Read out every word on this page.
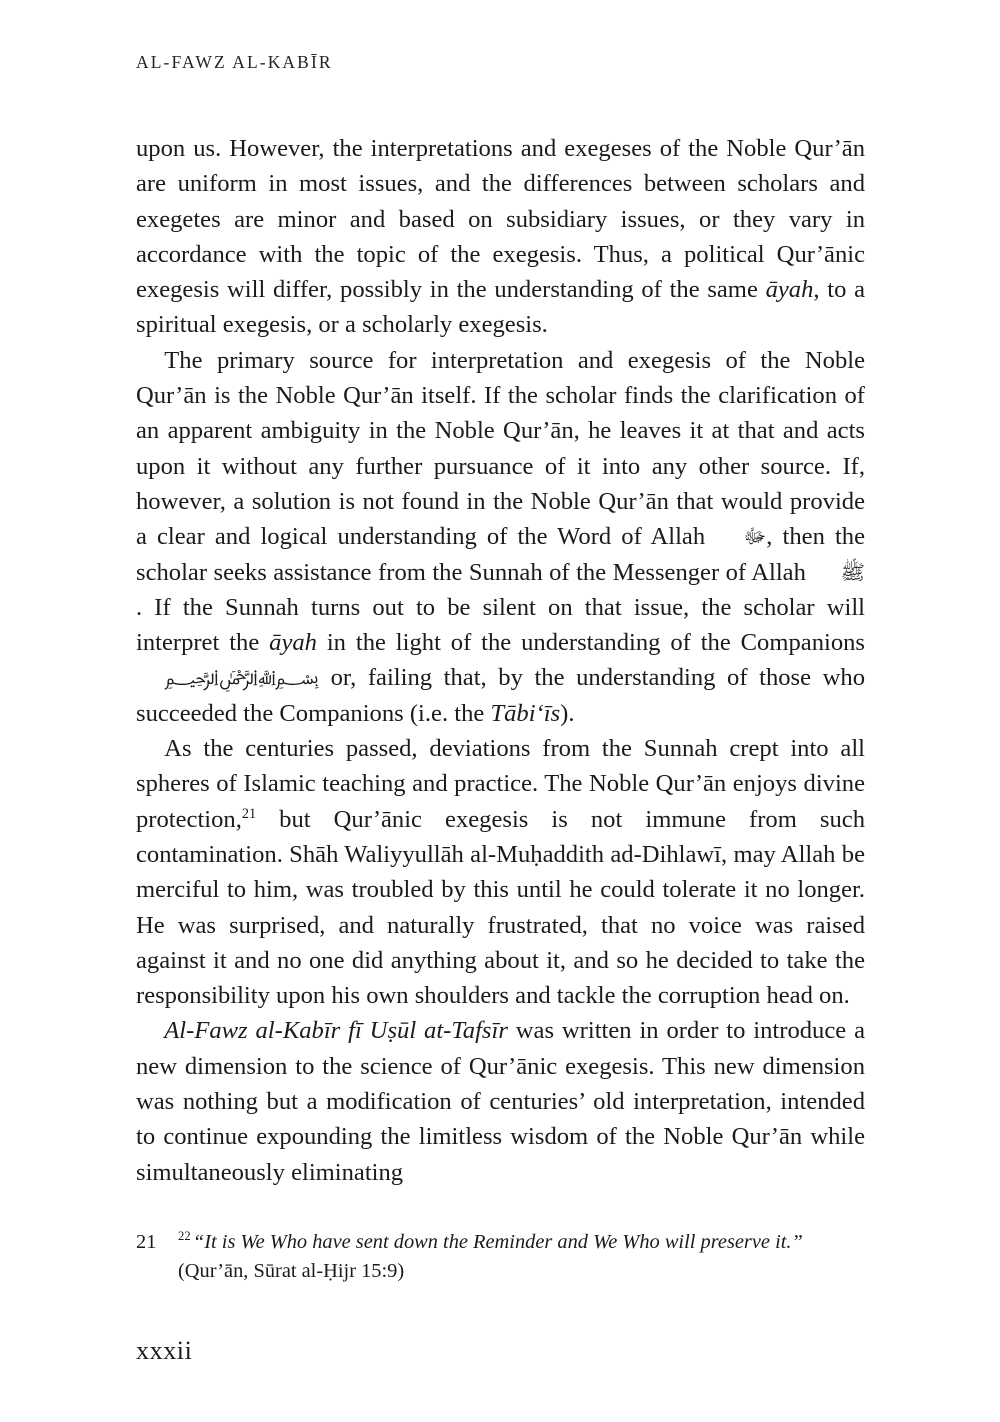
AL-FAWZ AL-KABĪR

upon us. However, the interpretations and exegeses of the Noble Qur’ān are uniform in most issues, and the differences between scholars and exegetes are minor and based on subsidiary issues, or they vary in accordance with the topic of the exegesis. Thus, a political Qur’ānic exegesis will differ, possibly in the understanding of the same āyah, to a spiritual exegesis, or a scholarly exegesis.

The primary source for interpretation and exegesis of the Noble Qur’ān is the Noble Qur’ān itself. If the scholar finds the clarification of an apparent ambiguity in the Noble Qur’ān, he leaves it at that and acts upon it without any further pursuance of it into any other source. If, however, a solution is not found in the Noble Qur’ān that would provide a clear and logical understanding of the Word of Allah ﷻ, then the scholar seeks assistance from the Sunnah of the Messenger of Allah ﷺ. If the Sunnah turns out to be silent on that issue, the scholar will interpret the āyah in the light of the understanding of the Companions ﷽ or, failing that, by the understanding of those who succeeded the Companions (i.e. the Tābi‘īs).

As the centuries passed, deviations from the Sunnah crept into all spheres of Islamic teaching and practice. The Noble Qur’ān enjoys divine protection,$^{21}$ but Qur’ānic exegesis is not immune from such contamination. Shāh Waliyyullāh al-Muḥaddith ad-Dihlawī, may Allah be merciful to him, was troubled by this until he could tolerate it no longer. He was surprised, and naturally frustrated, that no voice was raised against it and no one did anything about it, and so he decided to take the responsibility upon his own shoulders and tackle the corruption head on.

Al-Fawz al-Kabīr fī Uṣūl at-Tafsīr was written in order to introduce a new dimension to the science of Qur’ānic exegesis. This new dimension was nothing but a modification of centuries’ old interpretation, intended to continue expounding the limitless wisdom of the Noble Qur’ān while simultaneously eliminating

21	$^{22}$ “It is We Who have sent down the Reminder and We Who will preserve it.”
(Qur’ān, Sūrat al-Ḥijr 15:9)
xxxii
